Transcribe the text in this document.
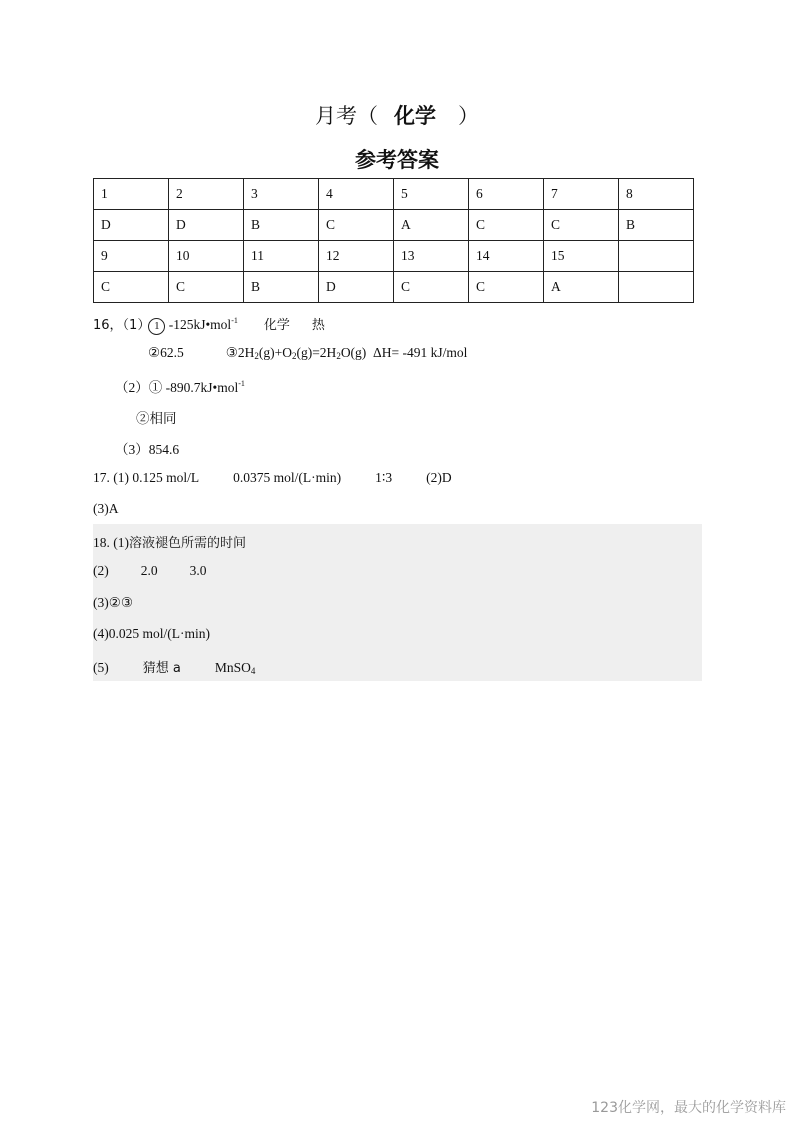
月考（ 化学 ）
参考答案
1	2	3	4	5	6	7	8
D	D	B	C	A	C	C	B
9	10	11	12	13	14	15	
C	C	B	D	C	C	A	
16，（1） 1 -125kJ•mol$^{-1}$ 化学 热
②62.5	$③2H_2(g)+O_2(g)=2H_2O(g)$  ΔH= -491 kJ/mol
（2）① -890.7kJ•mol$^{-1}$
②相同
（3）854.6
17. (1) 0.125 mol/L	0.0375 mol/(L·min)	1∶3	(2)D
(3)A
18. (1)溶液褪色所需的时间
(2) 2.0 3.0
(3)②③
(4)0.025 mol/(L·min)
(5)	猜想 a	MnSO$_4$
123化学网，最大的化学资料库
